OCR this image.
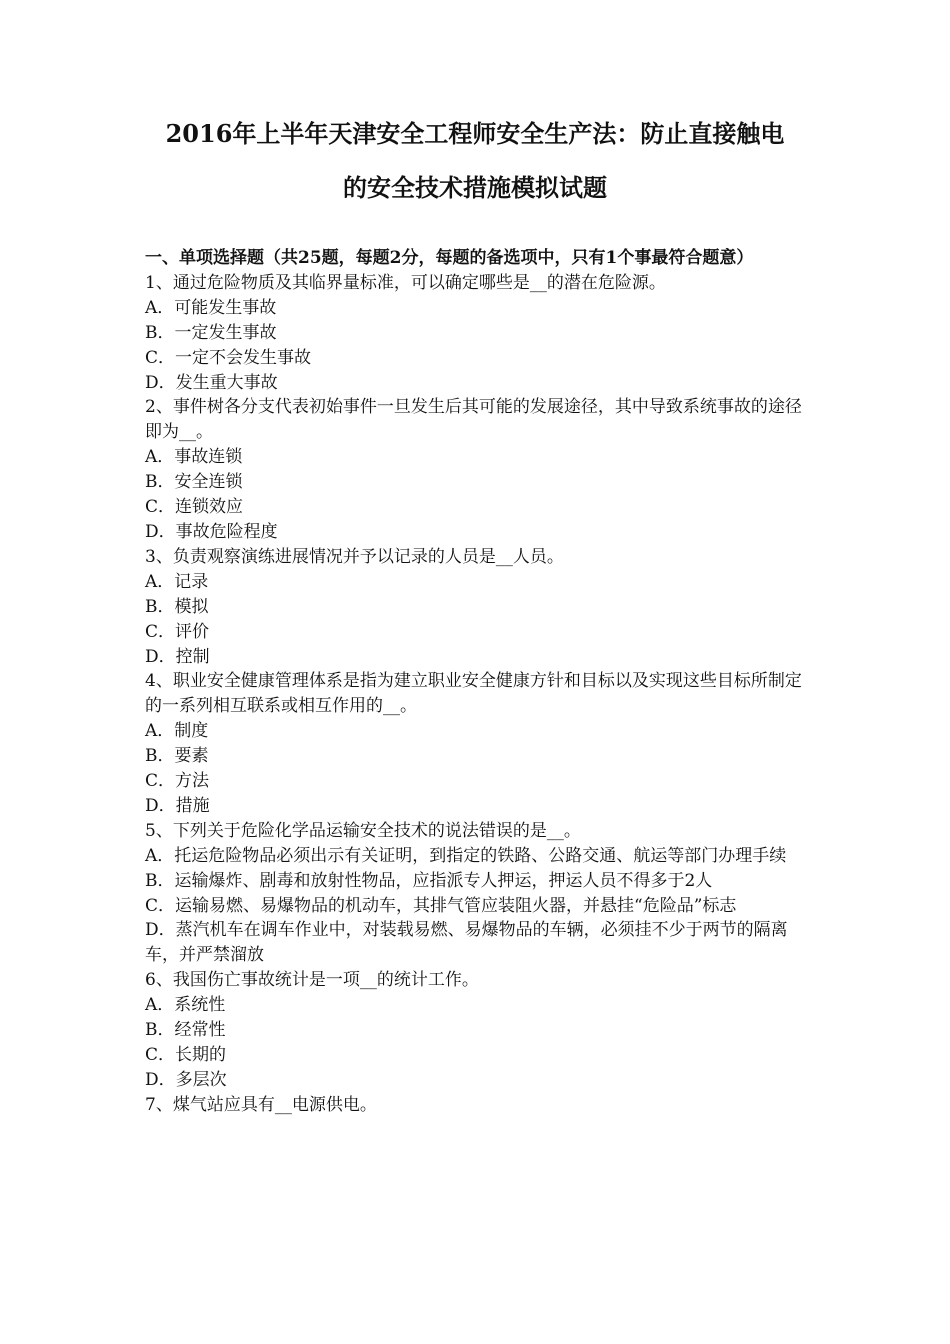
2016年上半年天津安全工程师安全生产法：防止直接触电
的安全技术措施模拟试题

一、单项选择题（共25题，每题2分，每题的备选项中，只有1个事最符合题意）

1、通过危险物质及其临界量标准，可以确定哪些是__的潜在危险源。

A．可能发生事故

B．一定发生事故

C．一定不会发生事故

D．发生重大事故

2、事件树各分支代表初始事件一旦发生后其可能的发展途径，其中导致系统事故的途径即为__。

A．事故连锁

B．安全连锁

C．连锁效应

D．事故危险程度

3、负责观察演练进展情况并予以记录的人员是__人员。

A．记录

B．模拟

C．评价

D．控制

4、职业安全健康管理体系是指为建立职业安全健康方针和目标以及实现这些目标所制定的一系列相互联系或相互作用的__。

A．制度

B．要素

C．方法

D．措施

5、下列关于危险化学品运输安全技术的说法错误的是__。

A．托运危险物品必须出示有关证明，到指定的铁路、公路交通、航运等部门办理手续

B．运输爆炸、剧毒和放射性物品，应指派专人押运，押运人员不得多于2人

C．运输易燃、易爆物品的机动车，其排气管应装阻火器，并悬挂“危险品”标志

D．蒸汽机车在调车作业中，对装载易燃、易爆物品的车辆，必须挂不少于两节的隔离车，并严禁溜放

6、我国伤亡事故统计是一项__的统计工作。

A．系统性

B．经常性

C．长期的

D．多层次

7、煤气站应具有__电源供电。
